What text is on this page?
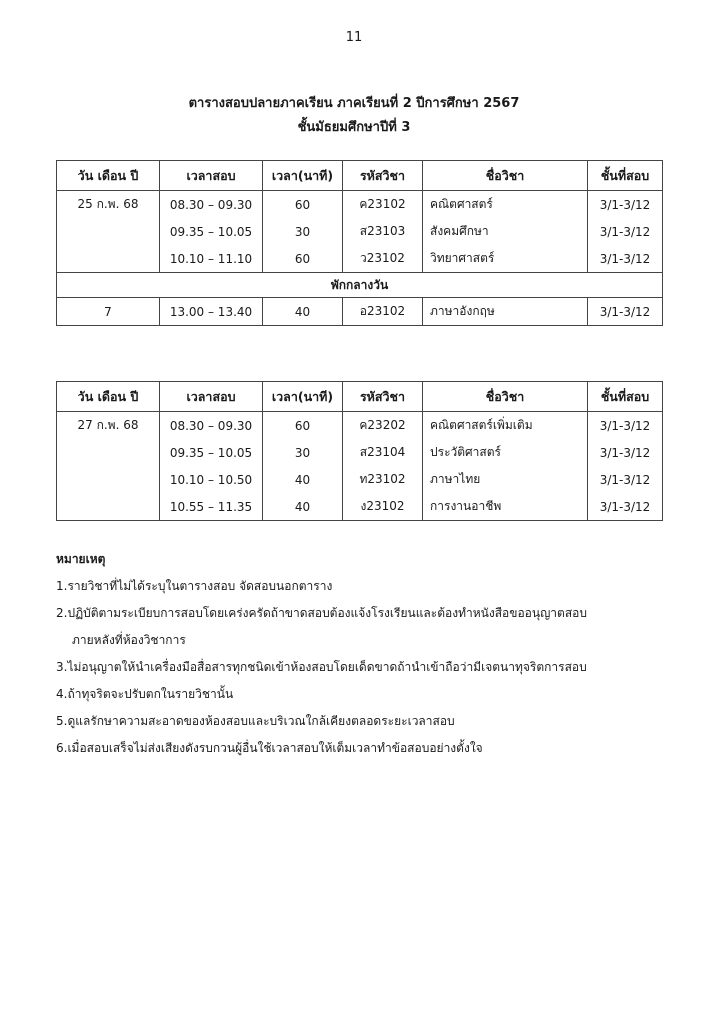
11
ตารางสอบปลายภาคเรียน ภาคเรียนที่ 2 ปีการศึกษา 2567
ชั้นมัธยมศึกษาปีที่ 3
วัน เดือน ปี	เวลาสอบ	เวลา(นาที)	รหัสวิชา	ชื่อวิชา	ชั้นที่สอบ
25 ก.พ. 68	08.30 – 09.30	60	ค23102	คณิตศาสตร์	3/1-3/12
	09.35 – 10.05	30	ส23103	สังคมศึกษา	3/1-3/12
	10.10 – 11.10	60	ว23102	วิทยาศาสตร์	3/1-3/12
พักกลางวัน					
7	13.00 – 13.40	40	อ23102	ภาษาอังกฤษ	3/1-3/12
วัน เดือน ปี	เวลาสอบ	เวลา(นาที)	รหัสวิชา	ชื่อวิชา	ชั้นที่สอบ
27 ก.พ. 68	08.30 – 09.30	60	ค23202	คณิตศาสตร์เพิ่มเติม	3/1-3/12
	09.35 – 10.05	30	ส23104	ประวัติศาสตร์	3/1-3/12
	10.10 – 10.50	40	ท23102	ภาษาไทย	3/1-3/12
	10.55 – 11.35	40	ง23102	การงานอาชีพ	3/1-3/12
หมายเหตุ
1.รายวิชาที่ไม่ได้ระบุในตารางสอบ จัดสอบนอกตาราง
2.ปฏิบัติตามระเบียบการสอบโดยเคร่งครัดถ้าขาดสอบต้องแจ้งโรงเรียนและต้องทำหนังสือขออนุญาตสอบ
ภายหลังที่ห้องวิชาการ
3.ไม่อนุญาตให้นำเครื่องมือสื่อสารทุกชนิดเข้าห้องสอบโดยเด็ดขาดถ้านำเข้าถือว่ามีเจตนาทุจริตการสอบ
4.ถ้าทุจริตจะปรับตกในรายวิชานั้น
5.ดูแลรักษาความสะอาดของห้องสอบและบริเวณใกล้เคียงตลอดระยะเวลาสอบ
6.เมื่อสอบเสร็จไม่ส่งเสียงดังรบกวนผู้อื่นใช้เวลาสอบให้เต็มเวลาทำข้อสอบอย่างตั้งใจ
